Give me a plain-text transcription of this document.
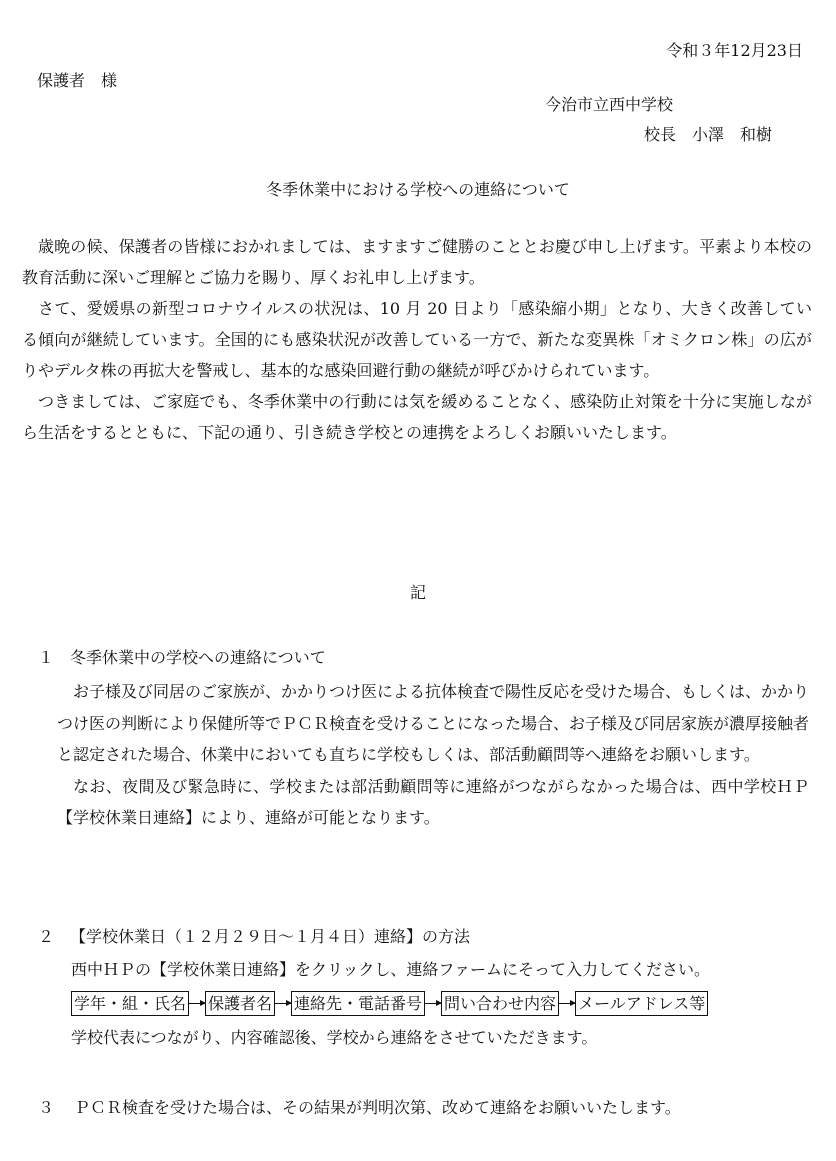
令和３年12月23日
保護者　様
今治市立西中学校
校長　小澤　和樹
冬季休業中における学校への連絡について

歳晩の候、保護者の皆様におかれましては、ますますご健勝のこととお慶び申し上げます。平素より本校の教育活動に深いご理解とご協力を賜り、厚くお礼申し上げます。

さて、愛媛県の新型コロナウイルスの状況は、10 月 20 日より「感染縮小期」となり、大きく改善している傾向が継続しています。全国的にも感染状況が改善している一方で、新たな変異株「オミクロン株」の広がりやデルタ株の再拡大を警戒し、基本的な感染回避行動の継続が呼びかけられています。

つきましては、ご家庭でも、冬季休業中の行動には気を緩めることなく、感染防止対策を十分に実施しながら生活をするとともに、下記の通り、引き続き学校との連携をよろしくお願いいたします。

記
１ 冬季休業中の学校への連絡について

お子様及び同居のご家族が、かかりつけ医による抗体検査で陽性反応を受けた場合、もしくは、かかりつけ医の判断により保健所等でＰＣＲ検査を受けることになった場合、お子様及び同居家族が濃厚接触者と認定された場合、休業中においても直ちに学校もしくは、部活動顧問等へ連絡をお願いします。

なお、夜間及び緊急時に、学校または部活動顧問等に連絡がつながらなかった場合は、西中学校ＨＰ【学校休業日連絡】により、連絡が可能となります。

２ 【学校休業日（１２月２９日～１月４日）連絡】の方法
西中ＨＰの【学校休業日連絡】をクリックし、連絡ファームにそって入力してください。
学年・組・氏名 保護者名 連絡先・電話番号 問い合わせ内容 メールアドレス等
学校代表につながり、内容確認後、学校から連絡をさせていただきます。
３ ＰＣＲ検査を受けた場合は、その結果が判明次第、改めて連絡をお願いいたします。
